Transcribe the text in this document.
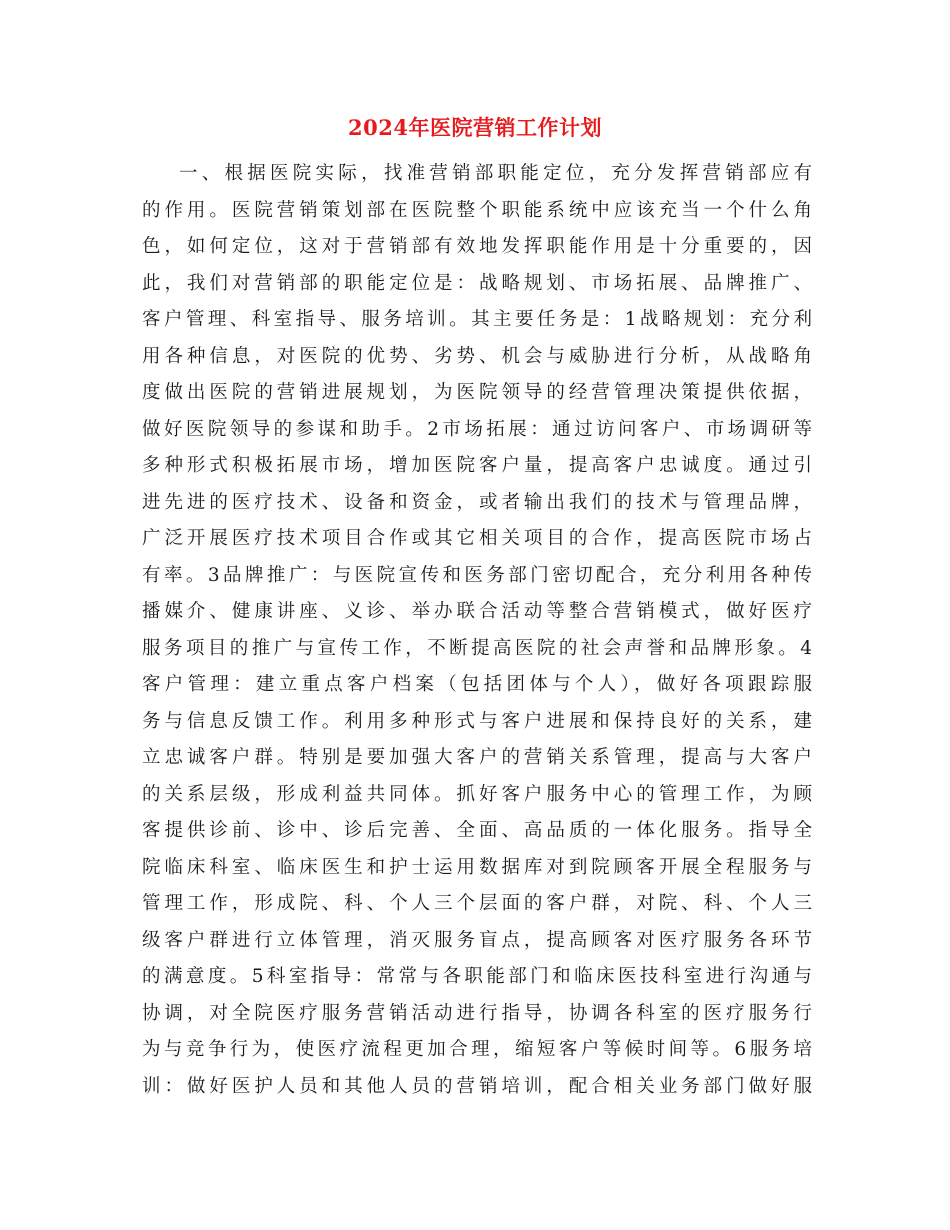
2024年医院营销工作计划
一、根据医院实际，找准营销部职能定位，充分发挥营销部应有
的作用。医院营销策划部在医院整个职能系统中应该充当一个什么角
色，如何定位，这对于营销部有效地发挥职能作用是十分重要的，因
此，我们对营销部的职能定位是：战略规划、市场拓展、品牌推广、
客户管理、科室指导、服务培训。其主要任务是：1战略规划：充分利
用各种信息，对医院的优势、劣势、机会与威胁进行分析，从战略角
度做出医院的营销进展规划，为医院领导的经营管理决策提供依据，
做好医院领导的参谋和助手。2市场拓展：通过访问客户、市场调研等
多种形式积极拓展市场，增加医院客户量，提高客户忠诚度。通过引
进先进的医疗技术、设备和资金，或者输出我们的技术与管理品牌，
广泛开展医疗技术项目合作或其它相关项目的合作，提高医院市场占
有率。3品牌推广：与医院宣传和医务部门密切配合，充分利用各种传
播媒介、健康讲座、义诊、举办联合活动等整合营销模式，做好医疗
服务项目的推广与宣传工作，不断提高医院的社会声誉和品牌形象。4
客户管理：建立重点客户档案（包括团体与个人），做好各项跟踪服
务与信息反馈工作。利用多种形式与客户进展和保持良好的关系，建
立忠诚客户群。特别是要加强大客户的营销关系管理，提高与大客户
的关系层级，形成利益共同体。抓好客户服务中心的管理工作，为顾
客提供诊前、诊中、诊后完善、全面、高品质的一体化服务。指导全
院临床科室、临床医生和护士运用数据库对到院顾客开展全程服务与
管理工作，形成院、科、个人三个层面的客户群，对院、科、个人三
级客户群进行立体管理，消灭服务盲点，提高顾客对医疗服务各环节
的满意度。5科室指导：常常与各职能部门和临床医技科室进行沟通与
协调，对全院医疗服务营销活动进行指导，协调各科室的医疗服务行
为与竞争行为，使医疗流程更加合理，缩短客户等候时间等。6服务培
训：做好医护人员和其他人员的营销培训，配合相关业务部门做好服
